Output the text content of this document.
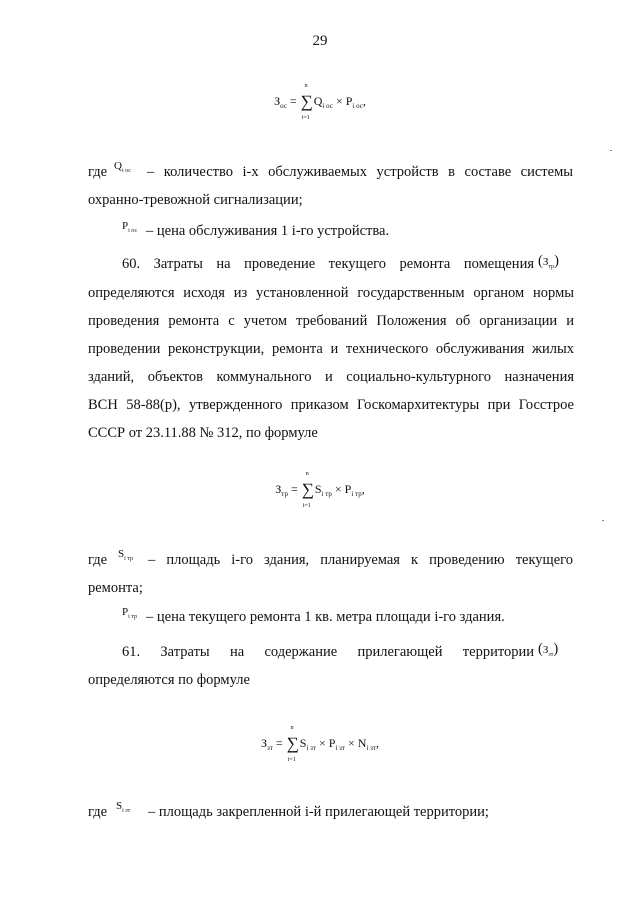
29
$З_{ос}$ = ∑
n
i=1
$Q_{i ос} \times P_{i ос}$,
где $Q_{i ос}$ – количество i-х обслуживаемых устройств в составе системы
охранно-тревожной сигнализации;
$P_{i ос}$ – цена обслуживания 1 i-го устройства.
60. Затраты на проведение текущего ремонта помещения $(З_{тр})$
определяются исходя из установленной государственным органом нормы
проведения ремонта с учетом требований Положения об организации и
проведении реконструкции, ремонта и технического обслуживания жилых
зданий, объектов коммунального и социально-культурного назначения
ВСН 58-88(р), утвержденного приказом Госкомархитектуры при Госстрое
СССР от 23.11.88 № 312, по формуле
$З_{тр}$ = ∑
n
i=1
$S_{i тр} \times P_{i тр}$,
где $S_{i тр}$ – площадь i-го здания, планируемая к проведению текущего
ремонта;
$P_{i тр}$ – цена текущего ремонта 1 кв. метра площади i-го здания.
61. Затраты на содержание прилегающей территории $(З_{зт})$
определяются по формуле
$З_{зт}$ = ∑
n
i=1
$S_{i зт} \times P_{i зт} \times N_{i зт}$,
где $S_{i зт}$ – площадь закрепленной i-й прилегающей территории;
